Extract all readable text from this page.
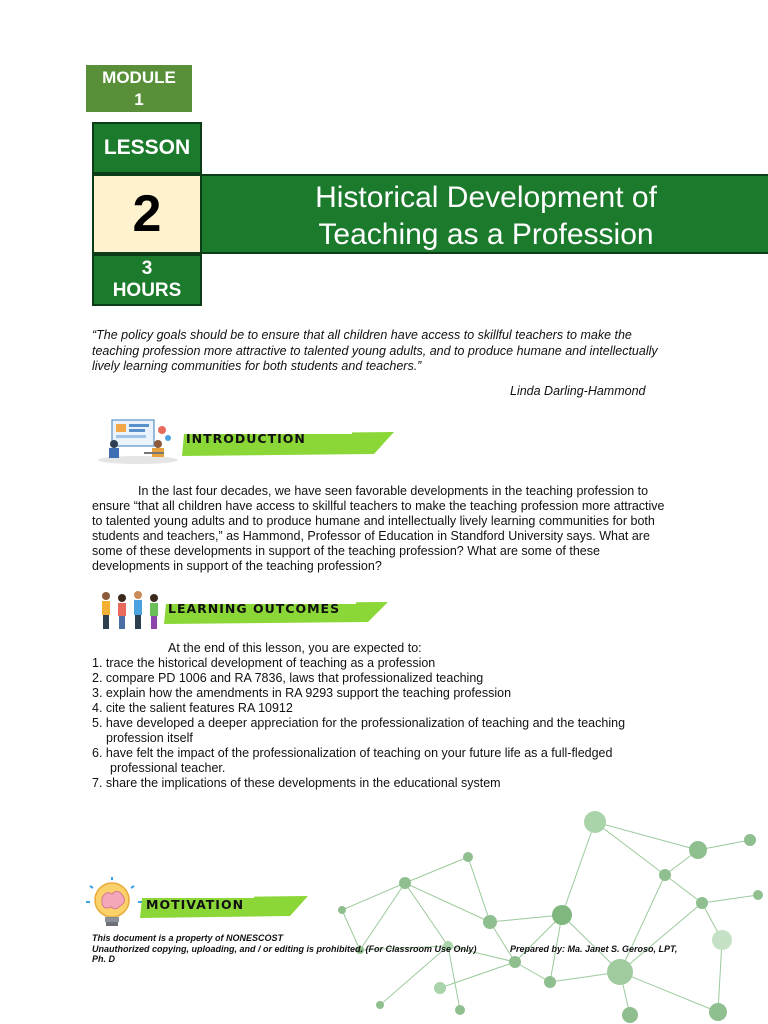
MODULE
1
LESSON
2
3
HOURS
Historical Development of
Teaching as a Profession
“The policy goals should be to ensure that all children have access to skillful teachers to make the teaching profession more attractive to talented young adults, and to produce humane and intellectually lively learning communities for both students and teachers.”
Linda Darling-Hammond
INTRODUCTION
In the last four decades, we have seen favorable developments in the teaching profession to ensure “that all children have access to skillful teachers to make the teaching profession more attractive to talented young adults and to produce humane and intellectually lively learning communities for both students and teachers,” as Hammond, Professor of Education in Standford University says. What are some of these developments in support of the teaching profession? What are some of these developments in support of the teaching profession?
LEARNING OUTCOMES
At the end of this lesson, you are expected to:
1. trace the historical development of teaching as a profession
2. compare PD 1006 and RA 7836, laws that professionalized teaching
3. explain how the amendments in RA 9293 support the teaching profession
4. cite the salient features RA 10912
5. have developed a deeper appreciation for the professionalization of teaching and the teaching
profession itself
6. have felt the impact of the professionalization of teaching on your future life as a full-fledged
professional teacher.
7. share the implications of these developments in the educational system
MOTIVATION
This document is a property of NONESCOST
Unauthorized copying, uploading, and / or editing is prohibited. (For Classroom Use Only)	Prepared by: Ma. Janet S. Geroso, LPT,
Ph. D
